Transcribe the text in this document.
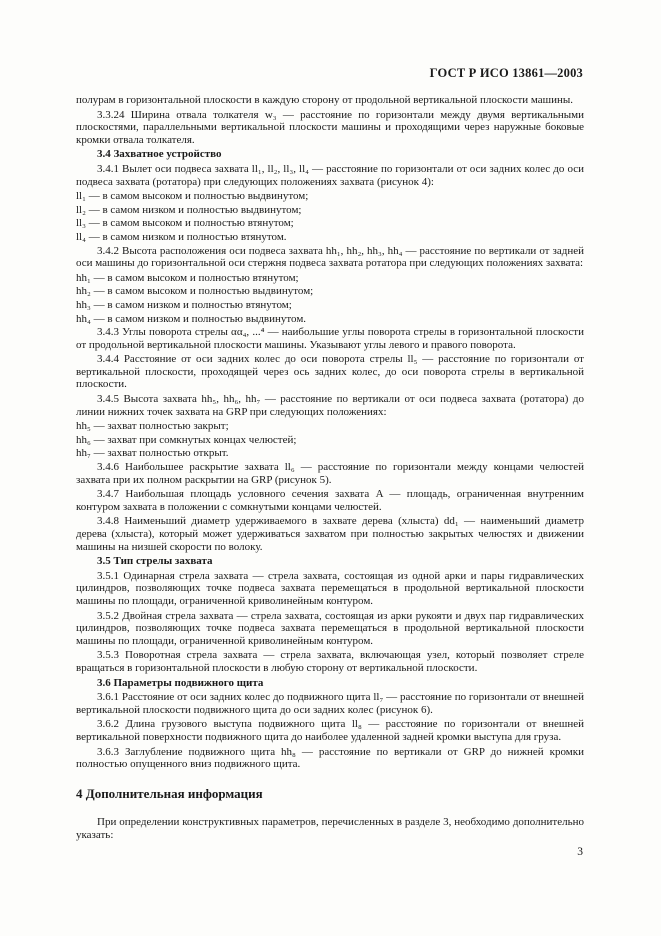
ГОСТ Р ИСО 13861—2003

полурам в горизонтальной плоскости в каждую сторону от продольной вертикальной плоскости машины.

3.3.24 Ширина отвала толкателя w₃ — расстояние по горизонтали между двумя вертикальными плоскостями, параллельными вертикальной плоскости машины и проходящими через наружные боковые кромки отвала толкателя.

3.4 Захватное устройство

3.4.1 Вылет оси подвеса захвата ll₁, ll₂, ll₃, ll₄ — расстояние по горизонтали от оси задних колес до оси подвеса захвата (ротатора) при следующих положениях захвата (рисунок 4):

ll₁ — в самом высоком и полностью выдвинутом;

ll₂ — в самом низком и полностью выдвинутом;

ll₃ — в самом высоком и полностью втянутом;

ll₄ — в самом низком и полностью втянутом.

3.4.2 Высота расположения оси подвеса захвата hh₁, hh₂, hh₃, hh₄ — расстояние по вертикали от задней оси машины до горизонтальной оси стержня подвеса захвата ротатора при следующих положениях захвата:

hh₁ — в самом высоком и полностью втянутом;

hh₂ — в самом высоком и полностью выдвинутом;

hh₃ — в самом низком и полностью втянутом;

hh₄ — в самом низком и полностью выдвинутом.

3.4.3 Углы поворота стрелы αα₄, ...⁴ — наибольшие углы поворота стрелы в горизонтальной плоскости от продольной вертикальной плоскости машины. Указывают углы левого и правого поворота.

3.4.4 Расстояние от оси задних колес до оси поворота стрелы ll₅ — расстояние по горизонтали от вертикальной плоскости, проходящей через ось задних колес, до оси поворота стрелы в вертикальной плоскости.

3.4.5 Высота захвата hh₅, hh₆, hh₇ — расстояние по вертикали от оси подвеса захвата (ротатора) до линии нижних точек захвата на GRP при следующих положениях:

hh₅ — захват полностью закрыт;

hh₆ — захват при сомкнутых концах челюстей;

hh₇ — захват полностью открыт.

3.4.6 Наибольшее раскрытие захвата ll₆ — расстояние по горизонтали между концами челюстей захвата при их полном раскрытии на GRP (рисунок 5).

3.4.7 Наибольшая площадь условного сечения захвата A — площадь, ограниченная внутренним контуром захвата в положении с сомкнутыми концами челюстей.

3.4.8 Наименьший диаметр удерживаемого в захвате дерева (хлыста) dd₁ — наименьший диаметр дерева (хлыста), который может удерживаться захватом при полностью закрытых челюстях и движении машины на низшей скорости по волоку.

3.5 Тип стрелы захвата

3.5.1 Одинарная стрела захвата — стрела захвата, состоящая из одной арки и пары гидравлических цилиндров, позволяющих точке подвеса захвата перемещаться в продольной вертикальной плоскости машины по площади, ограниченной криволинейным контуром.

3.5.2 Двойная стрела захвата — стрела захвата, состоящая из арки рукояти и двух пар гидравлических цилиндров, позволяющих точке подвеса захвата перемещаться в продольной вертикальной плоскости машины по площади, ограниченной криволинейным контуром.

3.5.3 Поворотная стрела захвата — стрела захвата, включающая узел, который позволяет стреле вращаться в горизонтальной плоскости в любую сторону от вертикальной плоскости.

3.6 Параметры подвижного щита

3.6.1 Расстояние от оси задних колес до подвижного щита ll₇ — расстояние по горизонтали от внешней вертикальной плоскости подвижного щита до оси задних колес (рисунок 6).

3.6.2 Длина грузового выступа подвижного щита ll₈ — расстояние по горизонтали от внешней вертикальной поверхности подвижного щита до наиболее удаленной задней кромки выступа для груза.

3.6.3 Заглубление подвижного щита hh₈ — расстояние по вертикали от GRP до нижней кромки полностью опущенного вниз подвижного щита.

4 Дополнительная информация

При определении конструктивных параметров, перечисленных в разделе 3, необходимо дополнительно указать:

3
